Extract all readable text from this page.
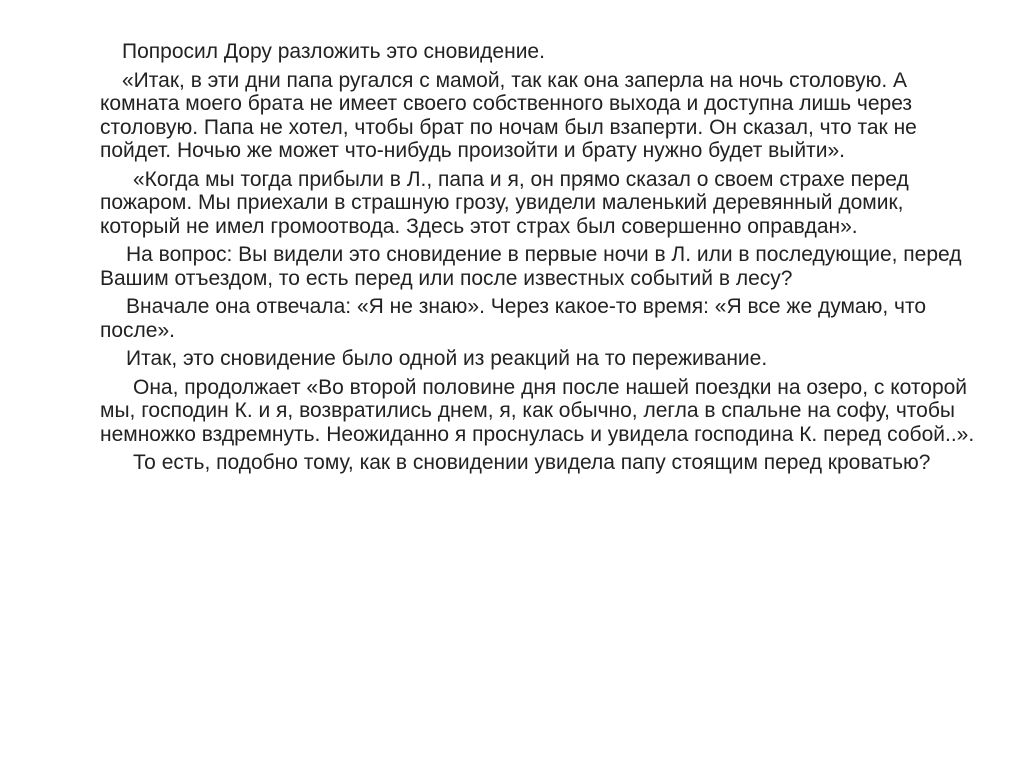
Попросил Дору разложить это сновидение.

«Итак, в эти дни папа ругался с мамой, так как она заперла на ночь столовую. А комната моего брата не имеет своего собственного выхода и доступна лишь через столовую. Папа не хотел, чтобы брат по ночам был взаперти. Он сказал, что так не пойдет. Ночью же может что-нибудь произойти и брату нужно будет выйти».

«Когда мы тогда прибыли в Л., папа и я, он прямо сказал о своем страхе перед пожаром. Мы приехали в страшную грозу, увидели маленький деревянный домик, который не имел громоотвода. Здесь этот страх был совершенно оправдан».

На вопрос: Вы видели это сновидение в первые ночи в Л. или в последующие, перед Вашим отъездом, то есть перед или после известных событий в лесу?

Вначале она отвечала: «Я не знаю». Через какое-то время: «Я все же думаю, что после».

Итак, это сновидение было одной из реакций на то переживание.

Она, продолжает «Во второй половине дня после нашей поездки на озеро, с которой мы, господин К. и я, возвратились днем, я, как обычно, легла в спальне на софу, чтобы немножко вздремнуть. Неожиданно я проснулась и увидела господина К. перед собой..».

То есть, подобно тому, как в сновидении увидела папу стоящим перед кроватью?
